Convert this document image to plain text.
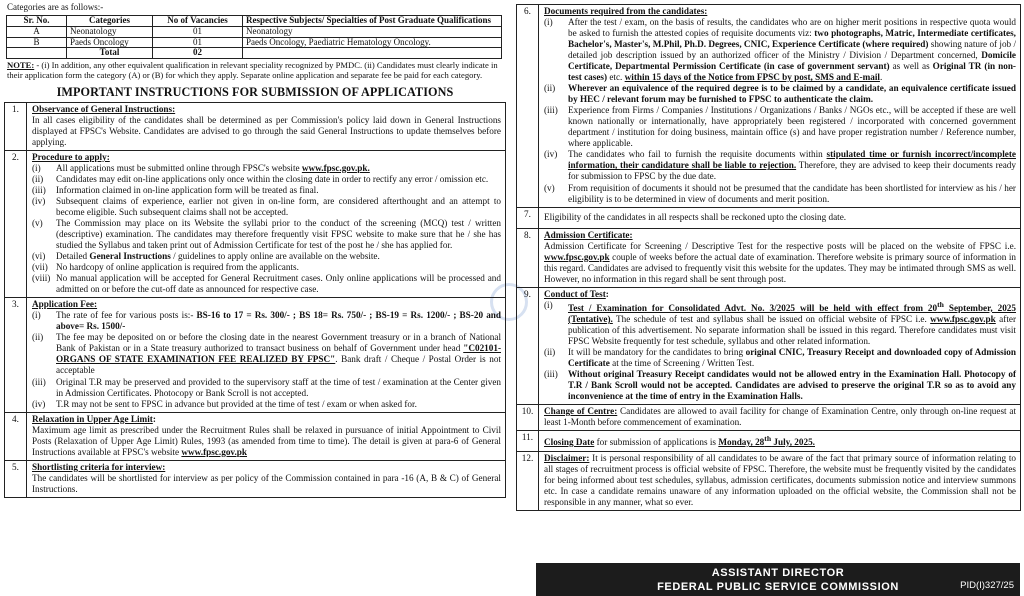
Categories are as follows:-
Sr. No.	Categories	No of Vacancies	Respective Subjects/ Specialties of Post Graduate Qualifications
A	Neonatology	01	Neonatology
B	Paeds Oncology	01	Paeds Oncology, Paediatric Hematology Oncology.
	Total	02	
NOTE: - (i) In addition, any other equivalent qualification in relevant speciality recognized by PMDC. (ii) Candidates must clearly indicate in their application form the category (A) or (B) for which they apply. Separate online application and separate fee be paid for each category.
IMPORTANT INSTRUCTIONS FOR SUBMISSION OF APPLICATIONS
1.	Observance of General Instructions:
In all cases eligibility of the candidates shall be determined as per Commission's policy laid down in General Instructions displayed at FPSC's Website. Candidates are advised to go through the said General Instructions to update themselves before applying.
2.	Procedure to apply:
(i)	All applications must be submitted online through FPSC's website www.fpsc.gov.pk.
(ii)	Candidates may edit on-line applications only once within the closing date in order to rectify any error / omission etc.
(iii)	Information claimed in on-line application form will be treated as final.
(iv)	Subsequent claims of experience, earlier not given in on-line form, are considered afterthought and an attempt to become eligible. Such subsequent claims shall not be accepted.
(v)	The Commission may place on its Website the syllabi prior to the conduct of the screening (MCQ) test / written (descriptive) examination. The candidates may therefore frequently visit FPSC website to make sure that he / she has studied the Syllabus and taken print out of Admission Certificate for test of the post he / she has applied for.
(vi)	Detailed General Instructions / guidelines to apply online are available on the website.
(vii) No hardcopy of online application is required from the applicants.
(viii) No manual application will be accepted for General Recruitment cases. Only online applications will be processed and admitted on or before the cut-off date as announced for respective case.
3.	Application Fee:
(i)	The rate of fee for various posts is:- BS-16 to 17 = Rs. 300/- ; BS 18= Rs. 750/- ; BS-19 = Rs. 1200/- ; BS-20 and above= Rs. 1500/-
(ii)	The fee may be deposited on or before the closing date in the nearest Government treasury or in a branch of National Bank of Pakistan or in a State treasury authorized to transact business on behalf of Government under head "C02101-ORGANS OF STATE EXAMINATION FEE REALIZED BY FPSC". Bank draft / Cheque / Postal Order is not acceptable
(iii)	Original T.R may be preserved and provided to the supervisory staff at the time of test / examination at the Center given in Admission Certificates. Photocopy or Bank Scroll is not accepted.
(iv)	T.R may not be sent to FPSC in advance but provided at the time of test / exam or when asked for.
4.	Relaxation in Upper Age Limit:
Maximum age limit as prescribed under the Recruitment Rules shall be relaxed in pursuance of initial Appointment to Civil Posts (Relaxation of Upper Age Limit) Rules, 1993 (as amended from time to time). The detail is given at para-6 of General Instructions available at FPSC's website www.fpsc.gov.pk
5.	Shortlisting criteria for interview:
The candidates will be shortlisted for interview as per policy of the Commission contained in para -16 (A, B & C) of General Instructions.
6.	Documents required from the candidates:
(i)	After the test / exam, on the basis of results, the candidates who are on higher merit positions in respective quota would be asked to furnish the attested copies of requisite documents viz: two photographs, Matric, Intermediate certificates, Bachelor's, Master's, M.Phil, Ph.D. Degrees, CNIC, Experience Certificate (where required) showing nature of job / detailed job description issued by an authorized officer of the Ministry / Division / Department concerned, Domicile Certificate, Departmental Permission Certificate (in case of government servant) as well as Original TR (in non-test cases) etc. within 15 days of the Notice from FPSC by post, SMS and E-mail.
(ii)	Wherever an equivalence of the required degree is to be claimed by a candidate, an equivalence certificate issued by HEC / relevant forum may be furnished to FPSC to authenticate the claim.
(iii)	Experience from Firms / Companies / Institutions / Organizations / Banks / NGOs etc., will be accepted if these are well known nationally or internationally, have appropriately been registered / incorporated with concerned government department / institution for doing business, maintain office (s) and have proper registration number / Reference number, where applicable.
(iv)	The candidates who fail to furnish the requisite documents within stipulated time or furnish incorrect/incomplete information, their candidature shall be liable to rejection. Therefore, they are advised to keep their documents ready for submission to FPSC by the due date.
(v)	From requisition of documents it should not be presumed that the candidate has been shortlisted for interview as his / her eligibility is to be determined in view of documents and merit position.
7.	Eligibility of the candidates in all respects shall be reckoned upto the closing date.
8.	Admission Certificate:
Admission Certificate for Screening / Descriptive Test for the respective posts will be placed on the website of FPSC i.e. www.fpsc.gov.pk couple of weeks before the actual date of examination. Therefore website is primary source of information in this regard. Candidates are advised to frequently visit this website for the updates. They may be intimated through SMS as well. However, no information in this regard shall be sent through post.
9.	Conduct of Test:
(i)	Test / Examination for Consolidated Advt. No. 3/2025 will be held with effect from 20th September, 2025 (Tentative). The schedule of test and syllabus shall be issued on official website of FPSC i.e. www.fpsc.gov.pk after publication of this advertisement. No separate information shall be issued in this regard. Therefore candidates must visit FPSC Website frequently for test schedule, syllabus and other related information.
(ii)	It will be mandatory for the candidates to bring original CNIC, Treasury Receipt and downloaded copy of Admission Certificate at the time of Screening / Written Test.
(iii)	Without original Treasury Receipt candidates would not be allowed entry in the Examination Hall. Photocopy of T.R / Bank Scroll would not be accepted. Candidates are advised to preserve the original T.R so as to avoid any inconvenience at the time of entry in the Examination Halls.
10.	Change of Centre: Candidates are allowed to avail facility for change of Examination Centre, only through on-line request at least 1-Month before commencement of examination.
11.
Closing Date for submission of applications is Monday, 28th July, 2025.
12.	Disclaimer: It is personal responsibility of all candidates to be aware of the fact that primary source of information relating to all stages of recruitment process is official website of FPSC. Therefore, the website must be frequently visited by the candidates for being informed about test schedules, syllabus, admission certificates, documents submission notice and interview summons etc. In case a candidate remains unaware of any information uploaded on the official website, the Commission shall not be responsible in any manner, what so ever.
ASSISTANT DIRECTOR
FEDERAL PUBLIC SERVICE COMMISSION	PID(I)327/25
